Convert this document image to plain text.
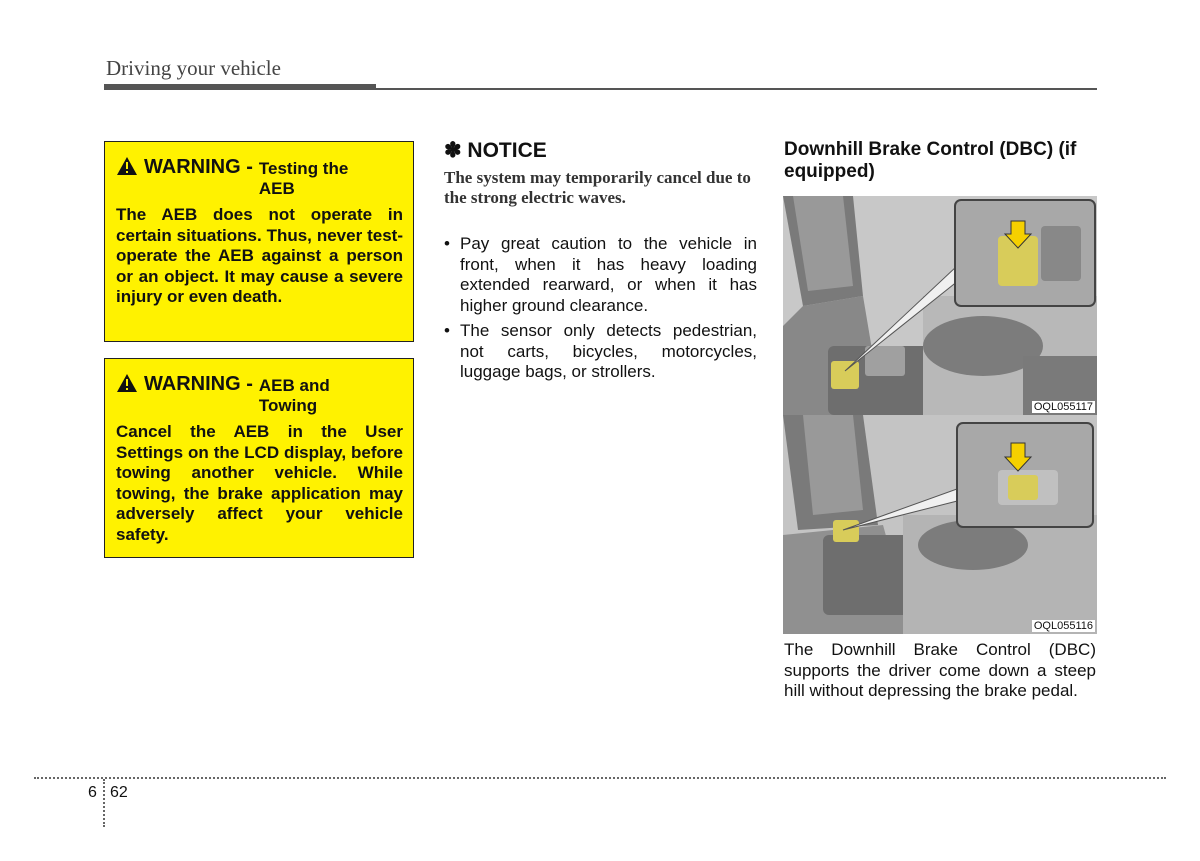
Driving your vehicle
WARNING - Testing the AEB
The AEB does not operate in certain situations. Thus, never test-operate the AEB against a person or an object. It may cause a severe injury or even death.
WARNING - AEB and Towing
Cancel the AEB in the User Settings on the LCD display, before towing another vehicle. While towing, the brake application may adversely affect your vehicle safety.
✽ NOTICE
The system may temporarily cancel due to the strong electric waves.
• Pay great caution to the vehicle in front, when it has heavy loading extended rearward, or when it has higher ground clearance.
• The sensor only detects pedestrian, not carts, bicycles, motorcycles, luggage bags, or strollers.
Downhill Brake Control (DBC) (if equipped)
OQL055117
OQL055116
The Downhill Brake Control (DBC) supports the driver come down a steep hill without depressing the brake pedal.
6 62
